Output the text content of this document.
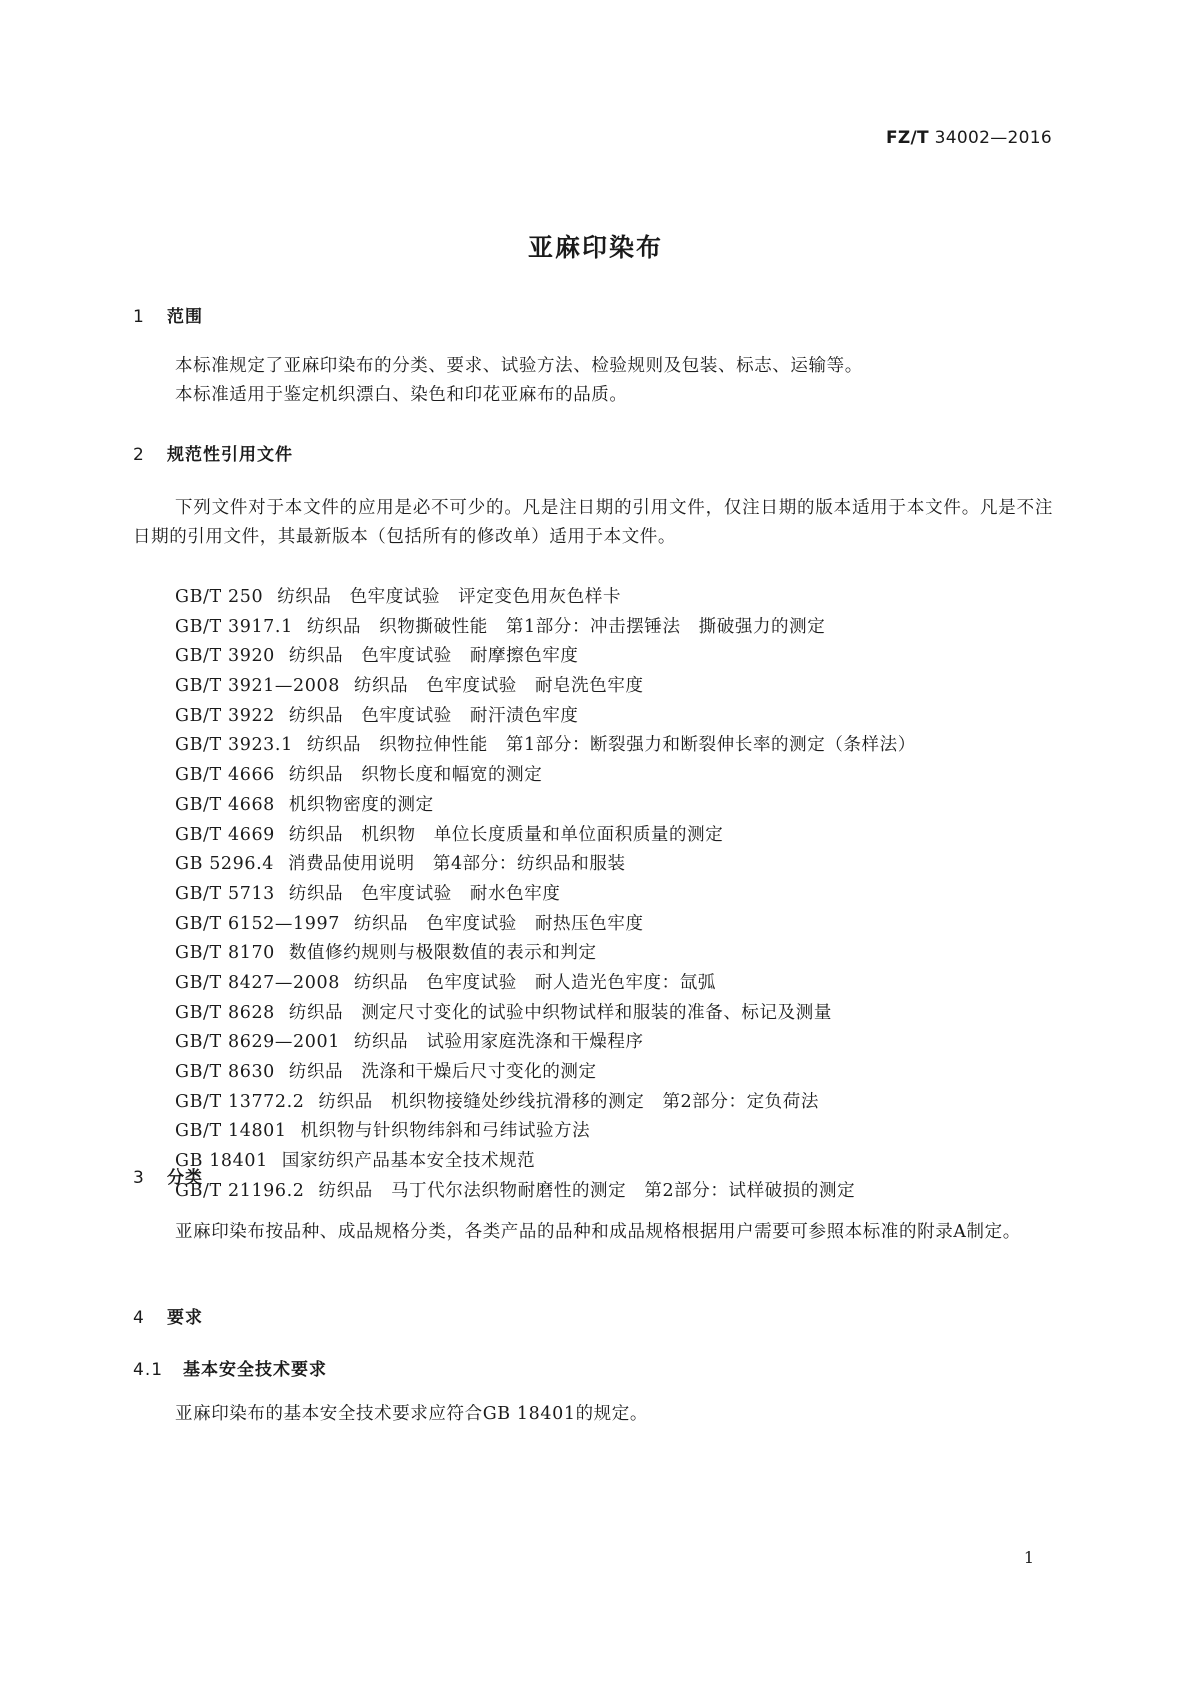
FZ/T 34002—2016
亚麻印染布
1 范围
本标准规定了亚麻印染布的分类、要求、试验方法、检验规则及包装、标志、运输等。
本标准适用于鉴定机织漂白、染色和印花亚麻布的品质。
2 规范性引用文件
下列文件对于本文件的应用是必不可少的。凡是注日期的引用文件，仅注日期的版本适用于本文件。凡是不注日期的引用文件，其最新版本（包括所有的修改单）适用于本文件。
GB/T 250 纺织品　色牢度试验　评定变色用灰色样卡
GB/T 3917.1 纺织品　织物撕破性能　第1部分：冲击摆锤法　撕破强力的测定
GB/T 3920 纺织品　色牢度试验　耐摩擦色牢度
GB/T 3921—2008 纺织品　色牢度试验　耐皂洗色牢度
GB/T 3922 纺织品　色牢度试验　耐汗渍色牢度
GB/T 3923.1 纺织品　织物拉伸性能　第1部分：断裂强力和断裂伸长率的测定（条样法）
GB/T 4666 纺织品　织物长度和幅宽的测定
GB/T 4668 机织物密度的测定
GB/T 4669 纺织品　机织物　单位长度质量和单位面积质量的测定
GB 5296.4 消费品使用说明　第4部分：纺织品和服装
GB/T 5713 纺织品　色牢度试验　耐水色牢度
GB/T 6152—1997 纺织品　色牢度试验　耐热压色牢度
GB/T 8170 数值修约规则与极限数值的表示和判定
GB/T 8427—2008 纺织品　色牢度试验　耐人造光色牢度：氙弧
GB/T 8628 纺织品　测定尺寸变化的试验中织物试样和服装的准备、标记及测量
GB/T 8629—2001 纺织品　试验用家庭洗涤和干燥程序
GB/T 8630 纺织品　洗涤和干燥后尺寸变化的测定
GB/T 13772.2 纺织品　机织物接缝处纱线抗滑移的测定　第2部分：定负荷法
GB/T 14801 机织物与针织物纬斜和弓纬试验方法
GB 18401 国家纺织产品基本安全技术规范
GB/T 21196.2 纺织品　马丁代尔法织物耐磨性的测定　第2部分：试样破损的测定
3 分类
亚麻印染布按品种、成品规格分类，各类产品的品种和成品规格根据用户需要可参照本标准的附录A制定。
4 要求
4.1 基本安全技术要求
亚麻印染布的基本安全技术要求应符合GB 18401的规定。
1
